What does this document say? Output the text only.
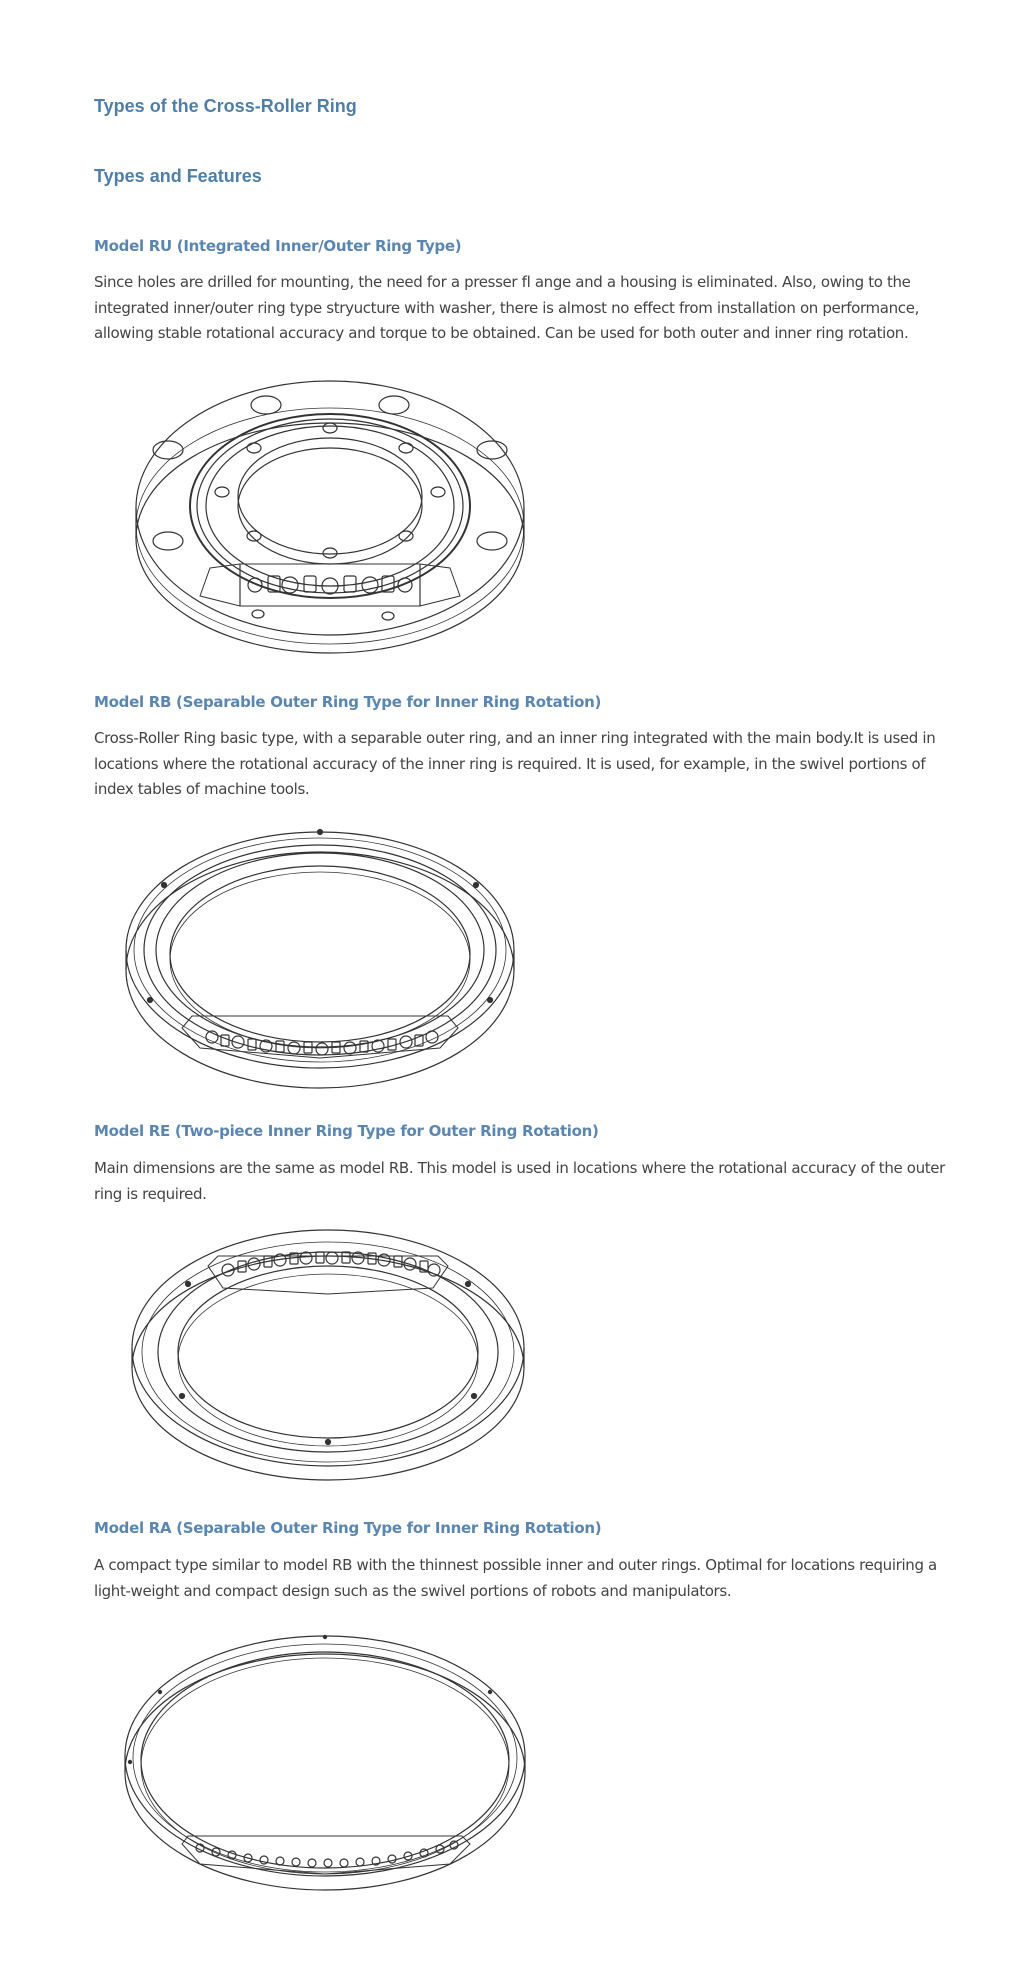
Types of the Cross-Roller Ring
Types and Features
Model RU (Integrated Inner/Outer Ring Type)

Since holes are drilled for mounting, the need for a presser fl ange and a housing is eliminated. Also, owing to the integrated inner/outer ring type stryucture with washer, there is almost no effect from installation on performance, allowing stable rotational accuracy and torque to be obtained. Can be used for both outer and inner ring rotation.

Model RB (Separable Outer Ring Type for Inner Ring Rotation)

Cross-Roller Ring basic type, with a separable outer ring, and an inner ring integrated with the main body.It is used in locations where the rotational accuracy of the inner ring is required. It is used, for example, in the swivel portions of index tables of machine tools.

Model RE (Two-piece Inner Ring Type for Outer Ring Rotation)

Main dimensions are the same as model RB. This model is used in locations where the rotational accuracy of the outer ring is required.

Model RA (Separable Outer Ring Type for Inner Ring Rotation)

A compact type similar to model RB with the thinnest possible inner and outer rings. Optimal for locations requiring a light-weight and compact design such as the swivel portions of robots and manipulators.
